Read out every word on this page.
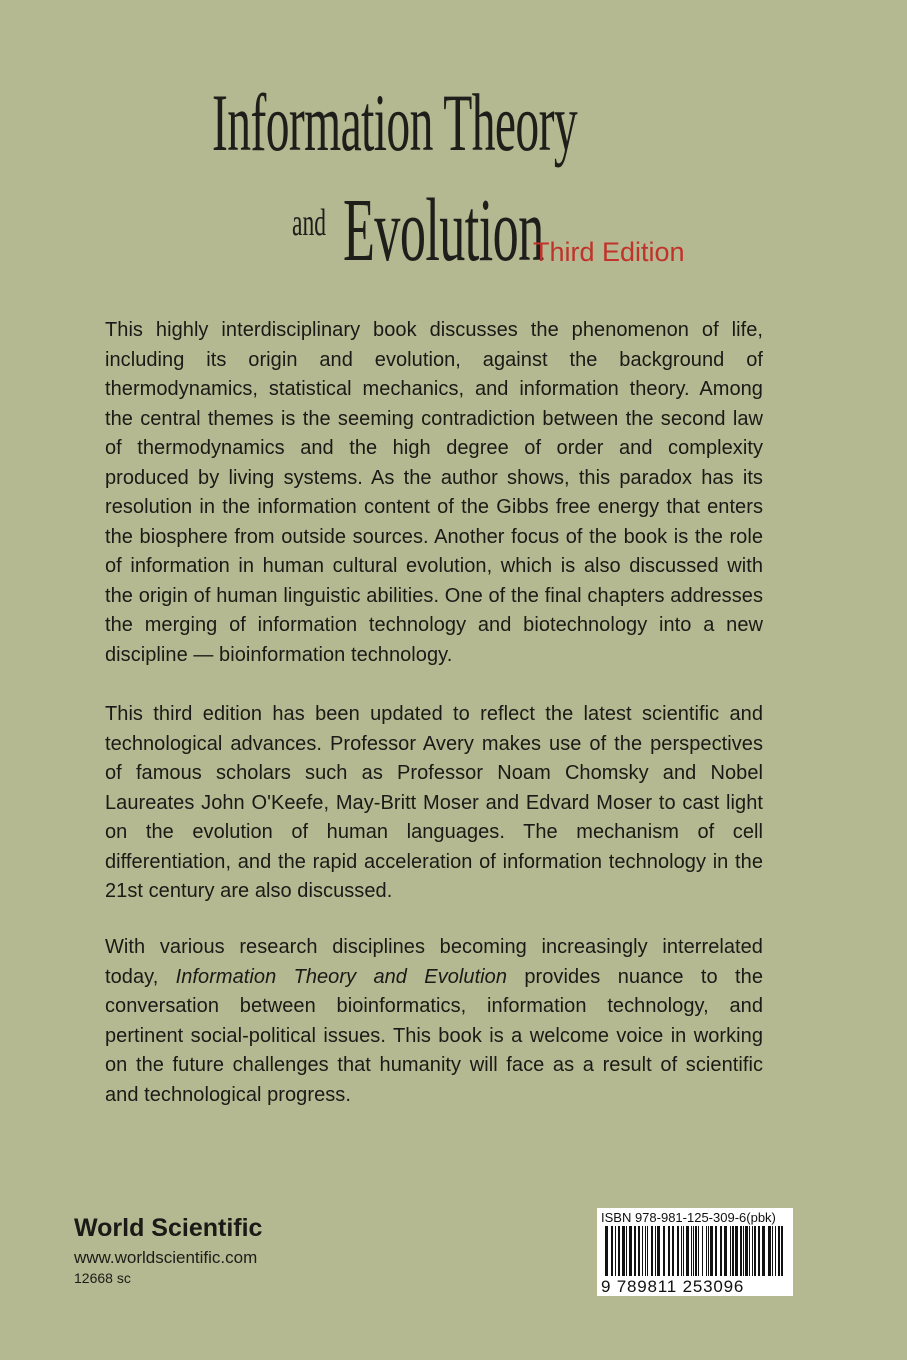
Information Theory
and Evolution
Third Edition

This highly interdisciplinary book discusses the phenomenon of life, including its origin and evolution, against the background of thermodynamics, statistical mechanics, and information theory. Among the central themes is the seeming contradiction between the second law of thermodynamics and the high degree of order and complexity produced by living systems. As the author shows, this paradox has its resolution in the information content of the Gibbs free energy that enters the biosphere from outside sources. Another focus of the book is the role of information in human cultural evolution, which is also discussed with the origin of human linguistic abilities. One of the final chapters addresses the merging of information technology and biotechnology into a new discipline — bioinformation technology.

This third edition has been updated to reflect the latest scientific and technological advances. Professor Avery makes use of the perspectives of famous scholars such as Professor Noam Chomsky and Nobel Laureates John O'Keefe, May-Britt Moser and Edvard Moser to cast light on the evolution of human languages. The mechanism of cell differentiation, and the rapid acceleration of information technology in the 21st century are also discussed.

With various research disciplines becoming increasingly interrelated today, Information Theory and Evolution provides nuance to the conversation between bioinformatics, information technology, and pertinent social-political issues. This book is a welcome voice in working on the future challenges that humanity will face as a result of scientific and technological progress.

World Scientific
www.worldscientific.com
12668 sc
ISBN 978-981-125-309-6(pbk)
9 789811 253096
